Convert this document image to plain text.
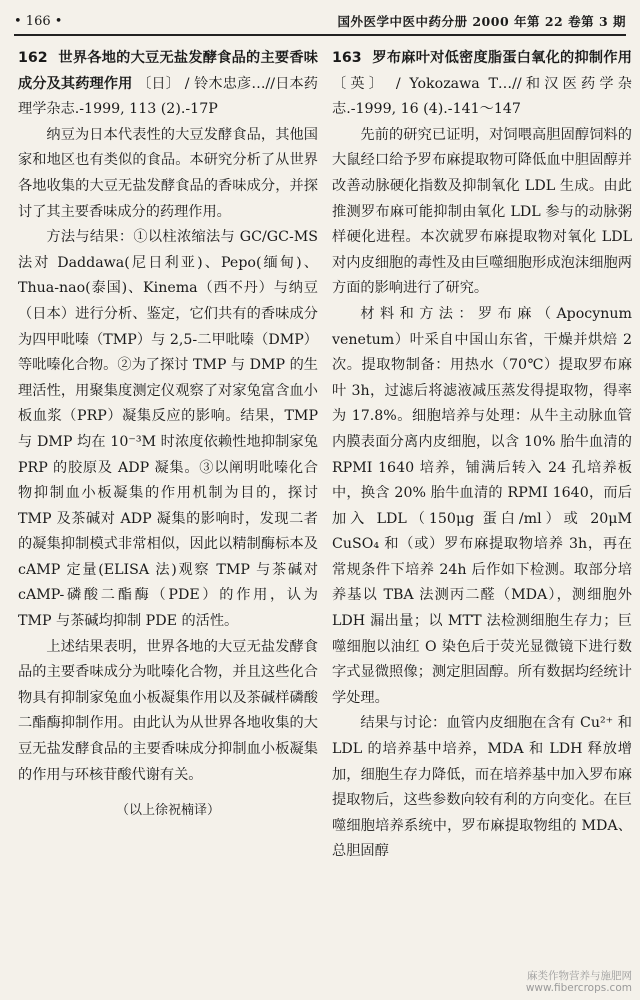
• 166 •	国外医学中医中药分册 2000 年第 22 卷第 3 期
162 世界各地的大豆无盐发酵食品的主要香味成分及其药理作用 〔日〕 / 铃木忠彦…//日本药理学杂志.-1999, 113 (2).-17P

纳豆为日本代表性的大豆发酵食品，其他国家和地区也有类似的食品。本研究分析了从世界各地收集的大豆无盐发酵食品的香味成分，并探讨了其主要香味成分的药理作用。

方法与结果：①以柱浓缩法与 GC/GC-MS 法对 Daddawa(尼日利亚)、Pepo(缅甸)、Thua-nao(泰国)、Kinema（西不丹）与纳豆（日本）进行分析、鉴定，它们共有的香味成分为四甲吡嗪（TMP）与 2,5-二甲吡嗪（DMP）等吡嗪化合物。②为了探讨 TMP 与 DMP 的生理活性，用聚集度测定仪观察了对家兔富含血小板血浆（PRP）凝集反应的影响。结果，TMP 与 DMP 均在 10⁻³M 时浓度依赖性地抑制家兔 PRP 的胶原及 ADP 凝集。③以阐明吡嗪化合物抑制血小板凝集的作用机制为目的，探讨 TMP 及茶碱对 ADP 凝集的影响时，发现二者的凝集抑制模式非常相似，因此以精制酶标本及 cAMP 定量(ELISA 法)观察 TMP 与茶碱对 cAMP-磷酸二酯酶（PDE）的作用，认为 TMP 与茶碱均抑制 PDE 的活性。

上述结果表明，世界各地的大豆无盐发酵食品的主要香味成分为吡嗪化合物，并且这些化合物具有抑制家兔血小板凝集作用以及茶碱样磷酸二酯酶抑制作用。由此认为从世界各地收集的大豆无盐发酵食品的主要香味成分抑制血小板凝集的作用与环核苷酸代谢有关。

（以上徐祝楠译）
163 罗布麻叶对低密度脂蛋白氧化的抑制作用 〔英〕 / Yokozawa T…//和汉医药学杂志.-1999, 16 (4).-141～147

先前的研究已证明，对饲喂高胆固醇饲料的大鼠经口给予罗布麻提取物可降低血中胆固醇并改善动脉硬化指数及抑制氧化 LDL 生成。由此推测罗布麻可能抑制由氧化 LDL 参与的动脉粥样硬化进程。本次就罗布麻提取物对氧化 LDL 对内皮细胞的毒性及由巨噬细胞形成泡沫细胞两方面的影响进行了研究。

材料和方法：罗布麻（Apocynum venetum）叶采自中国山东省，干燥并烘焙 2 次。提取物制备：用热水（70℃）提取罗布麻叶 3h，过滤后将滤液减压蒸发得提取物，得率为 17.8%。细胞培养与处理：从牛主动脉血管内膜表面分离内皮细胞，以含 10% 胎牛血清的 RPMI 1640 培养，铺满后转入 24 孔培养板中，换含 20% 胎牛血清的 RPMI 1640，而后加入 LDL（150μg 蛋白/ml）或 20μM CuSO₄ 和（或）罗布麻提取物培养 3h，再在常规条件下培养 24h 后作如下检测。取部分培养基以 TBA 法测丙二醛（MDA），测细胞外 LDH 漏出量；以 MTT 法检测细胞生存力；巨噬细胞以油红 O 染色后于荧光显微镜下进行数字式显微照像；测定胆固醇。所有数据均经统计学处理。

结果与讨论：血管内皮细胞在含有 Cu²⁺ 和 LDL 的培养基中培养，MDA 和 LDH 释放增加，细胞生存力降低，而在培养基中加入罗布麻提取物后，这些参数向较有利的方向变化。在巨噬细胞培养系统中，罗布麻提取物组的 MDA、总胆固醇

麻类作物营养与施肥网
www.fibercrops.com
